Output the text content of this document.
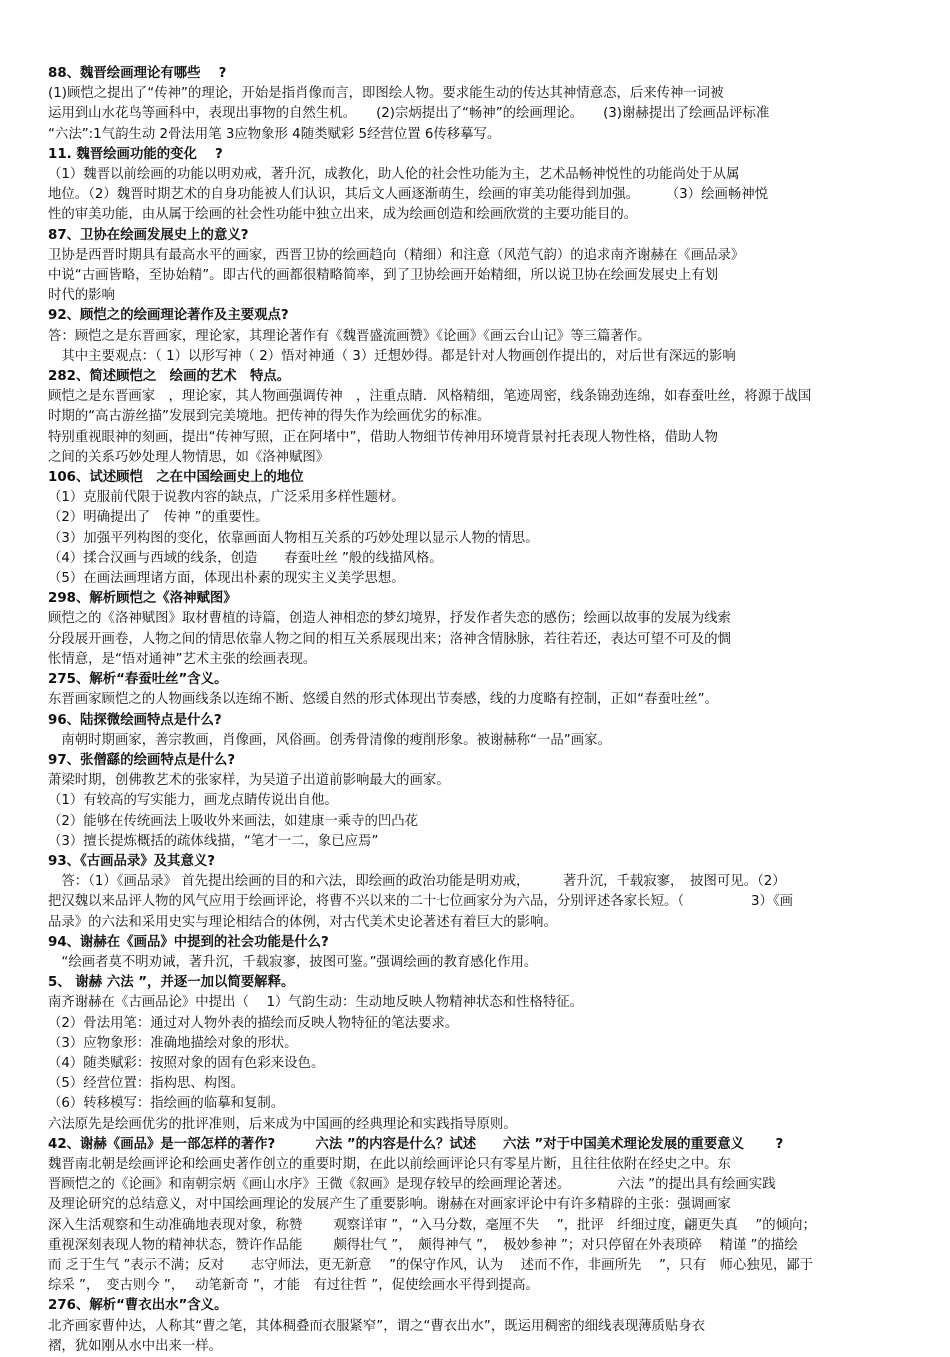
88、魏晋绘画理论有哪些　 ?
(1)顾恺之提出了“传神”的理论，开始是指肖像而言，即图绘人物。要求能生动的传达其神情意态，后来传神一词被
运用到山水花鸟等画科中，表现出事物的自然生机。　　(2)宗炳提出了“畅神”的绘画理论。　　(3)谢赫提出了绘画品评标准
“六法”:1气韵生动 2骨法用笔 3应物象形 4随类赋彩 5经营位置 6传移摹写。
11. 魏晋绘画功能的变化　 ?
（1）魏晋以前绘画的功能以明劝戒，著升沉，成教化，助人伦的社会性功能为主，艺术品畅神悦性的功能尚处于从属
地位。（2）魏晋时期艺术的自身功能被人们认识，其后文人画逐渐萌生，绘画的审美功能得到加强。　　　（3）绘画畅神悦
性的审美功能，由从属于绘画的社会性功能中独立出来，成为绘画创造和绘画欣赏的主要功能目的。
87、卫协在绘画发展史上的意义?
卫协是西晋时期具有最高水平的画家，西晋卫协的绘画趋向（精细）和注意（风范气韵）的追求南齐谢赫在《画品录》
中说“古画皆略，至协始精”。即古代的画都很精略简率，到了卫协绘画开始精细，所以说卫协在绘画发展史上有划
时代的影响
92、顾恺之的绘画理论著作及主要观点?
答：顾恺之是东晋画家，理论家，其理论著作有《魏晋盛流画赞》《论画》《画云台山记》等三篇著作。
　其中主要观点：（ 1）以形写神（ 2）悟对神通（ 3）迁想妙得。都是针对人物画创作提出的，对后世有深远的影响
282、简述顾恺之　绘画的艺术　特点。
顾恺之是东晋画家　，理论家，其人物画强调传神　，注重点睛．风格精细，笔迹周密，线条锦劲连绵，如春蚕吐丝，将源于战国
时期的“高古游丝描”发展到完美境地。把传神的得失作为绘画优劣的标准。
特别重视眼神的刻画，提出“传神写照，正在阿堵中”，借助人物细节传神用环境背景衬托表现人物性格，借助人物
之间的关系巧妙处理人物情思，如《洛神赋图》
106、试述顾恺　之在中国绘画史上的地位
（1）克服前代限于说教内容的缺点，广泛采用多样性题材。
（2）明确提出了　传神 ”的重要性。
（3）加强平列构图的变化，依靠画面人物相互关系的巧妙处理以显示人物的情思。
（4）揉合汉画与西域的线条，创造　　春蚕吐丝 ”般的线描风格。
（5）在画法画理诸方面，体现出朴素的现实主义美学思想。
298、解析顾恺之《洛神赋图》
顾恺之的《洛神赋图》取材曹植的诗篇，创造人神相恋的梦幻境界，抒发作者失恋的感伤；绘画以故事的发展为线索
分段展开画卷，人物之间的情思依靠人物之间的相互关系展现出来；洛神含情脉脉，若往若还，表达可望不可及的惆
怅情意，是“悟对通神”艺术主张的绘画表现。
275、解析“春蚕吐丝”含义。
东晋画家顾恺之的人物画线条以连绵不断、悠缓自然的形式体现出节奏感，线的力度略有控制，正如“春蚕吐丝”。
96、陆探微绘画特点是什么?
　南朝时期画家，善宗教画，肖像画，风俗画。创秀骨清像的瘦削形象。被谢赫称“一品”画家。
97、张僧繇的绘画特点是什么?
萧梁时期，创佛教艺术的张家样，为吴道子出道前影响最大的画家。
（1）有较高的写实能力，画龙点睛传说出自他。
（2）能够在传统画法上吸收外来画法，如建康一乘寺的凹凸花
（3）擅长提炼概括的疏体线描，“笔才一二，象已应焉”
93、《古画品录》及其意义?
　答：（1）《画品录》 首先提出绘画的目的和六法，即绘画的政治功能是明劝戒，　　　著升沉，千载寂寥，　披图可见。（2）
把汉魏以来品评人物的风气应用于绘画评论，将曹不兴以来的二十七位画家分为六品，分别评述各家长短。（　　　　　3）《画
品录》的六法和采用史实与理论相结合的体例，对古代美术史论著述有着巨大的影响。
94、谢赫在《画品》中提到的社会功能是什么?
　“绘画者莫不明劝诫，著升沉，千载寂寥，披图可鉴。”强调绘画的教育感化作用。
5、 谢赫 六法 ”，并逐一加以简要解释。
南齐谢赫在《古画品论》中提出（　 1）气韵生动：生动地反映人物精神状态和性格特征。
（2）骨法用笔：通过对人物外表的描绘而反映人物特征的笔法要求。
（3）应物象形：准确地描绘对象的形状。
（4）随类赋彩：按照对象的固有色彩来设色。
（5）经营位置：指构思、构图。
（6）转移模写：指绘画的临摹和复制。
六法原先是绘画优劣的批评准则，后来成为中国画的经典理论和实践指导原则。
42、谢赫《画品》是一部怎样的著作?　　　六法 ”的内容是什么？试述　　六法 ”对于中国美术理论发展的重要意义　　 ?
魏晋南北朝是绘画评论和绘画史著作创立的重要时期，在此以前绘画评论只有零星片断，且往往依附在经史之中。东
晋顾恺之的《论画》和南朝宗炳《画山水序》王微《叙画》是现存较早的绘画理论著述。　　　　六法 ”的提出具有绘画实践
及理论研究的总结意义，对中国绘画理论的发展产生了重要影响。谢赫在对画家评论中有许多精辟的主张：强调画家
深入生活观察和生动准确地表现对象，称赞　　 观察详审 ”，“入马分数，毫厘不失　 ”，批评　纤细过度，翩更失真　 ”的倾向；
重视深刻表现人物的精神状态，赞许作品能　　 颇得壮气 ”，　颇得神气 ”，　极妙参神 ”；对只停留在外表琐碎　 精谨 ”的描绘
而 乏于生气 ”表示不满；反对　　志守师法，更无新意　 ”的保守作风，认为　 述而不作，非画所先　 ”，只有　师心独见，鄙于
综采 ”，　变古则今 ”，　 动笔新奇 ”，才能　有过往哲 ”，促使绘画水平得到提高。
276、解析“曹衣出水”含义。
北齐画家曹仲达，人称其“曹之笔，其体稠叠而衣服紧窄”，谓之“曹衣出水”，既运用稠密的细线表现薄质贴身衣
褶，犹如刚从水中出来一样。
